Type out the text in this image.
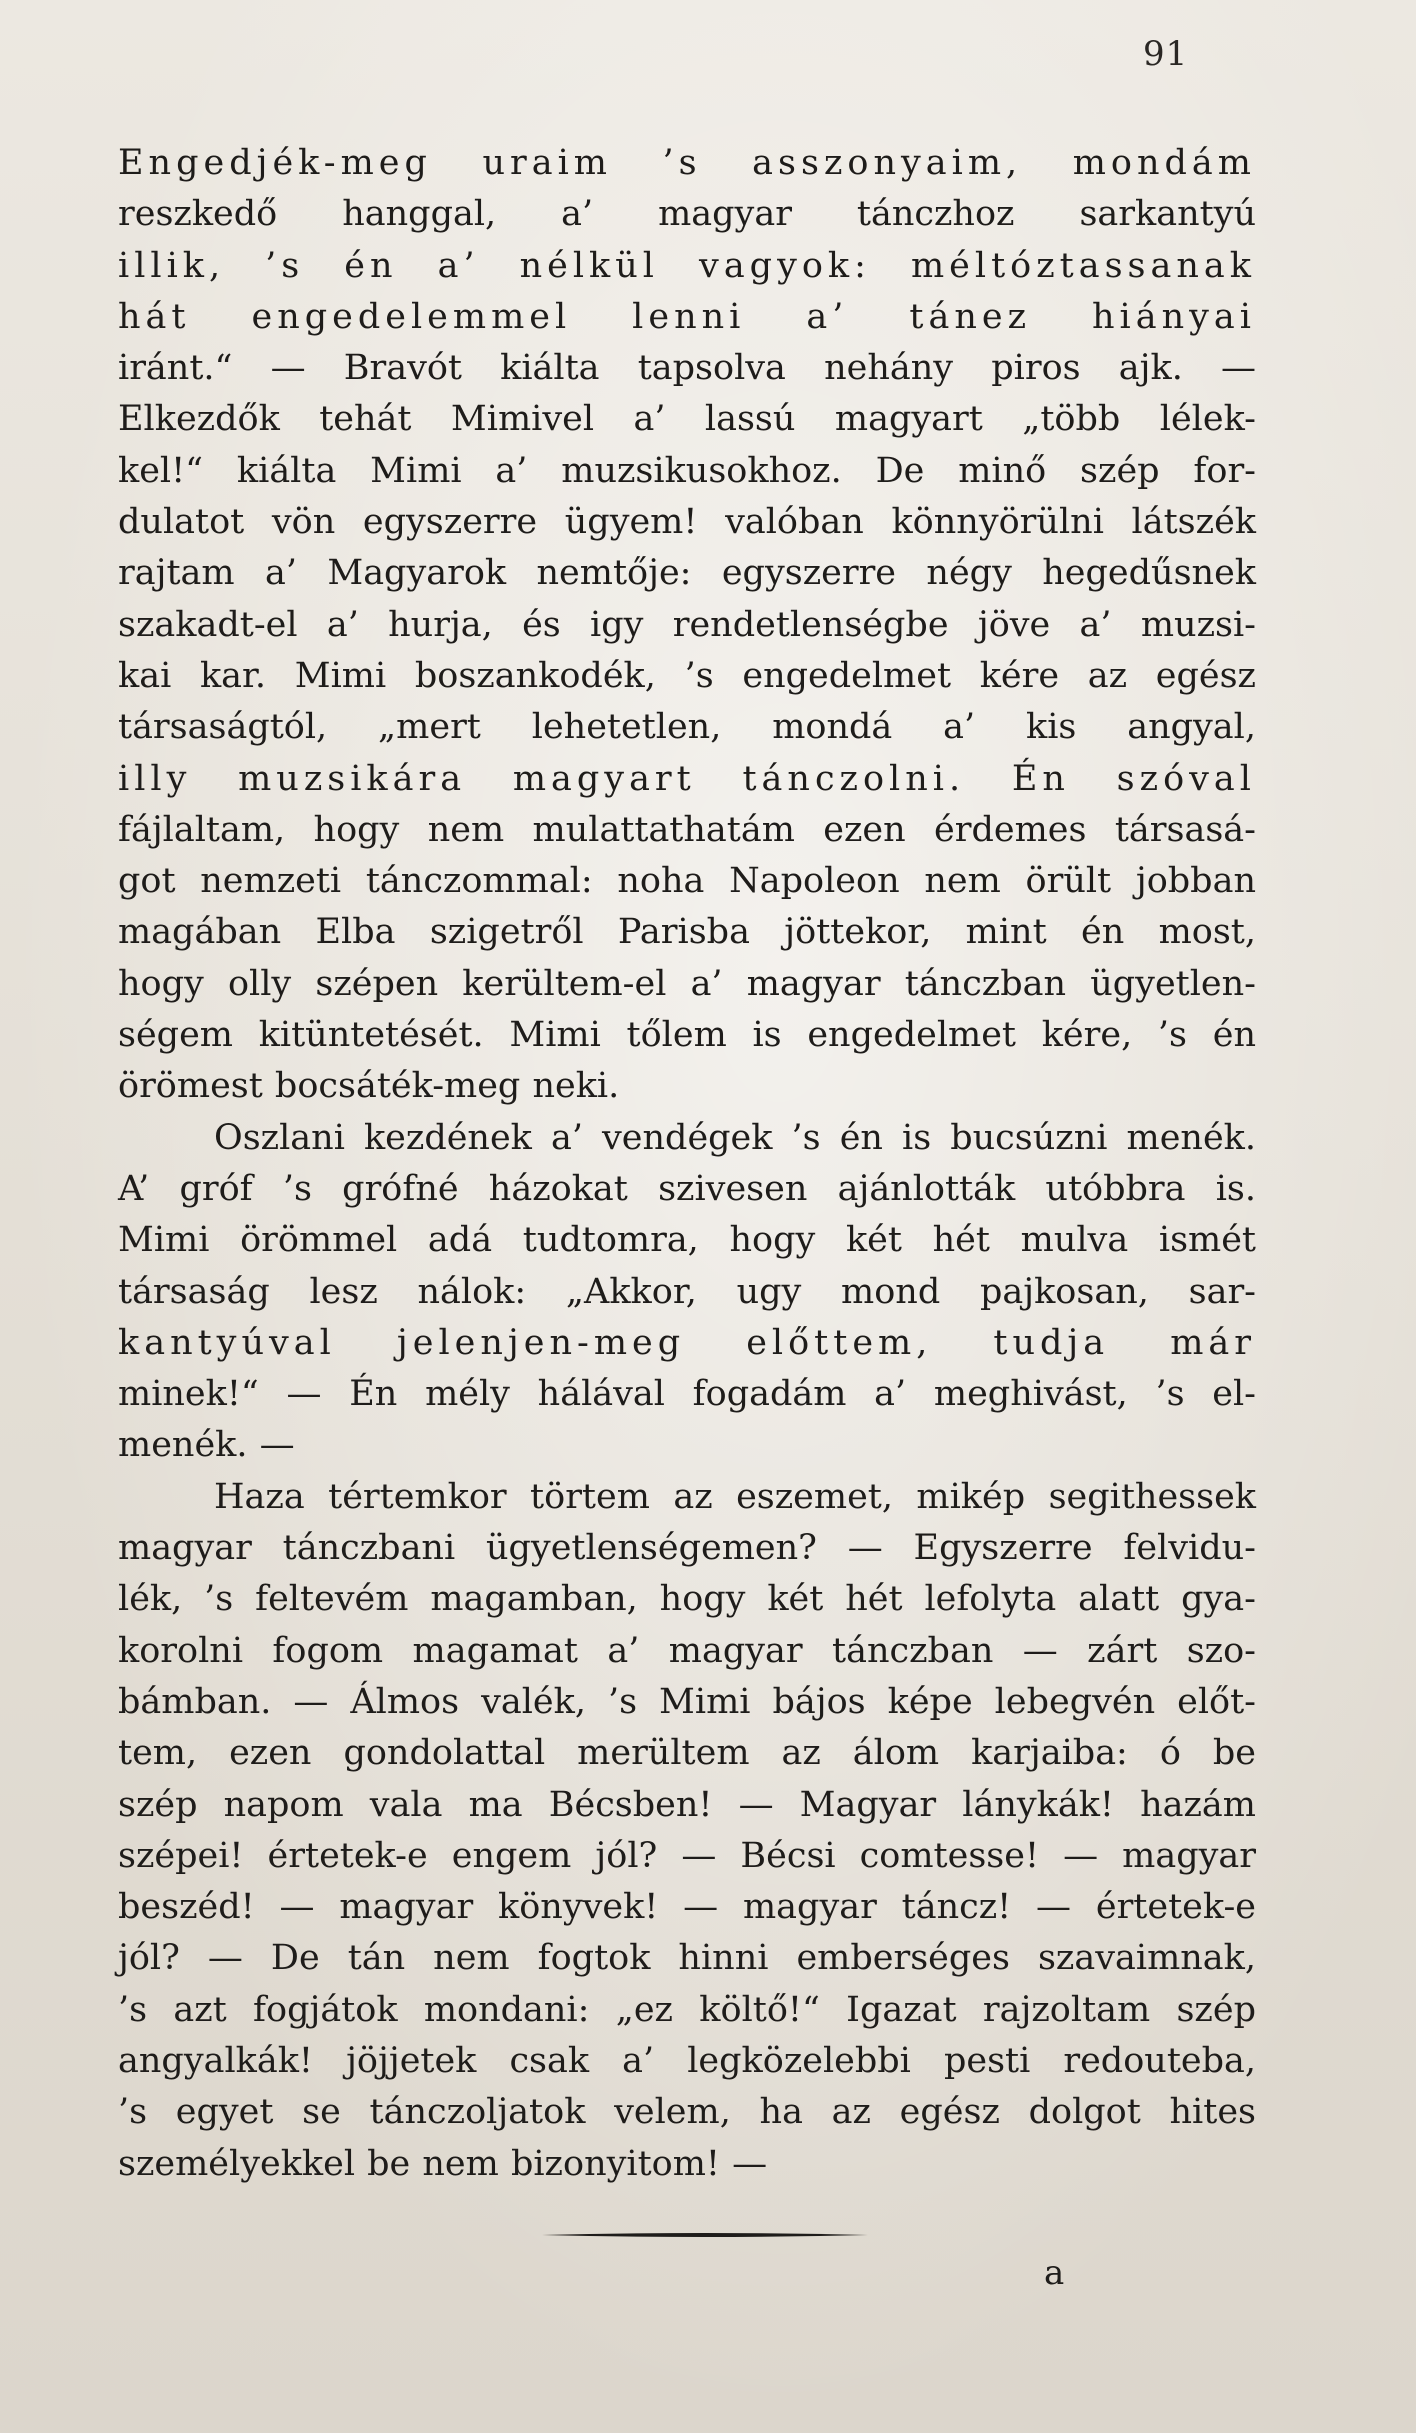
91
Engedjék-meg uraim ’s asszonyaim, mondám
reszkedő hanggal, a’ magyar tánczhoz sarkantyú
illik, ’s én a’ nélkül vagyok: méltóztassanak
hát engedelemmel lenni a’ tánez hiányai
iránt.“ — Bravót kiálta tapsolva nehány piros ajk. —
Elkezdők tehát Mimivel a’ lassú magyart „több lélek-
kel!“ kiálta Mimi a’ muzsikusokhoz. De minő szép for-
dulatot vön egyszerre ügyem! valóban könnyörülni látszék
rajtam a’ Magyarok nemtője: egyszerre négy hegedűsnek
szakadt-el a’ hurja, és igy rendetlenségbe jöve a’ muzsi-
kai kar. Mimi boszankodék, ’s engedelmet kére az egész
társaságtól, „mert lehetetlen, mondá a’ kis angyal,
illy muzsikára magyart tánczolni. Én szóval
fájlaltam, hogy nem mulattathatám ezen érdemes társasá-
got nemzeti tánczommal: noha Napoleon nem örült jobban
magában Elba szigetről Parisba jöttekor, mint én most,
hogy olly szépen kerültem-el a’ magyar tánczban ügyetlen-
ségem kitüntetését. Mimi tőlem is engedelmet kére, ’s én
örömest bocsáték-meg neki.
Oszlani kezdének a’ vendégek ’s én is bucsúzni menék.
A’ gróf ’s grófné házokat szivesen ajánlották utóbbra is.
Mimi örömmel adá tudtomra, hogy két hét mulva ismét
társaság lesz nálok: „Akkor, ugy mond pajkosan, sar-
kantyúval jelenjen-meg előttem, tudja már
minek!“ — Én mély hálával fogadám a’ meghivást, ’s el-
menék. —
Haza tértemkor törtem az eszemet, mikép segithessek
magyar tánczbani ügyetlenségemen? — Egyszerre felvidu-
lék, ’s feltevém magamban, hogy két hét lefolyta alatt gya-
korolni fogom magamat a’ magyar tánczban — zárt szo-
bámban. — Álmos valék, ’s Mimi bájos képe lebegvén előt-
tem, ezen gondolattal merültem az álom karjaiba: ó be
szép napom vala ma Bécsben! — Magyar lánykák! hazám
szépei! értetek-e engem jól? — Bécsi comtesse! — magyar
beszéd! — magyar könyvek! — magyar táncz! — értetek-e
jól? — De tán nem fogtok hinni emberséges szavaimnak,
’s azt fogjátok mondani: „ez költő!“ Igazat rajzoltam szép
angyalkák! jöjjetek csak a’ legközelebbi pesti redouteba,
’s egyet se tánczoljatok velem, ha az egész dolgot hites
személyekkel be nem bizonyitom! —
a
